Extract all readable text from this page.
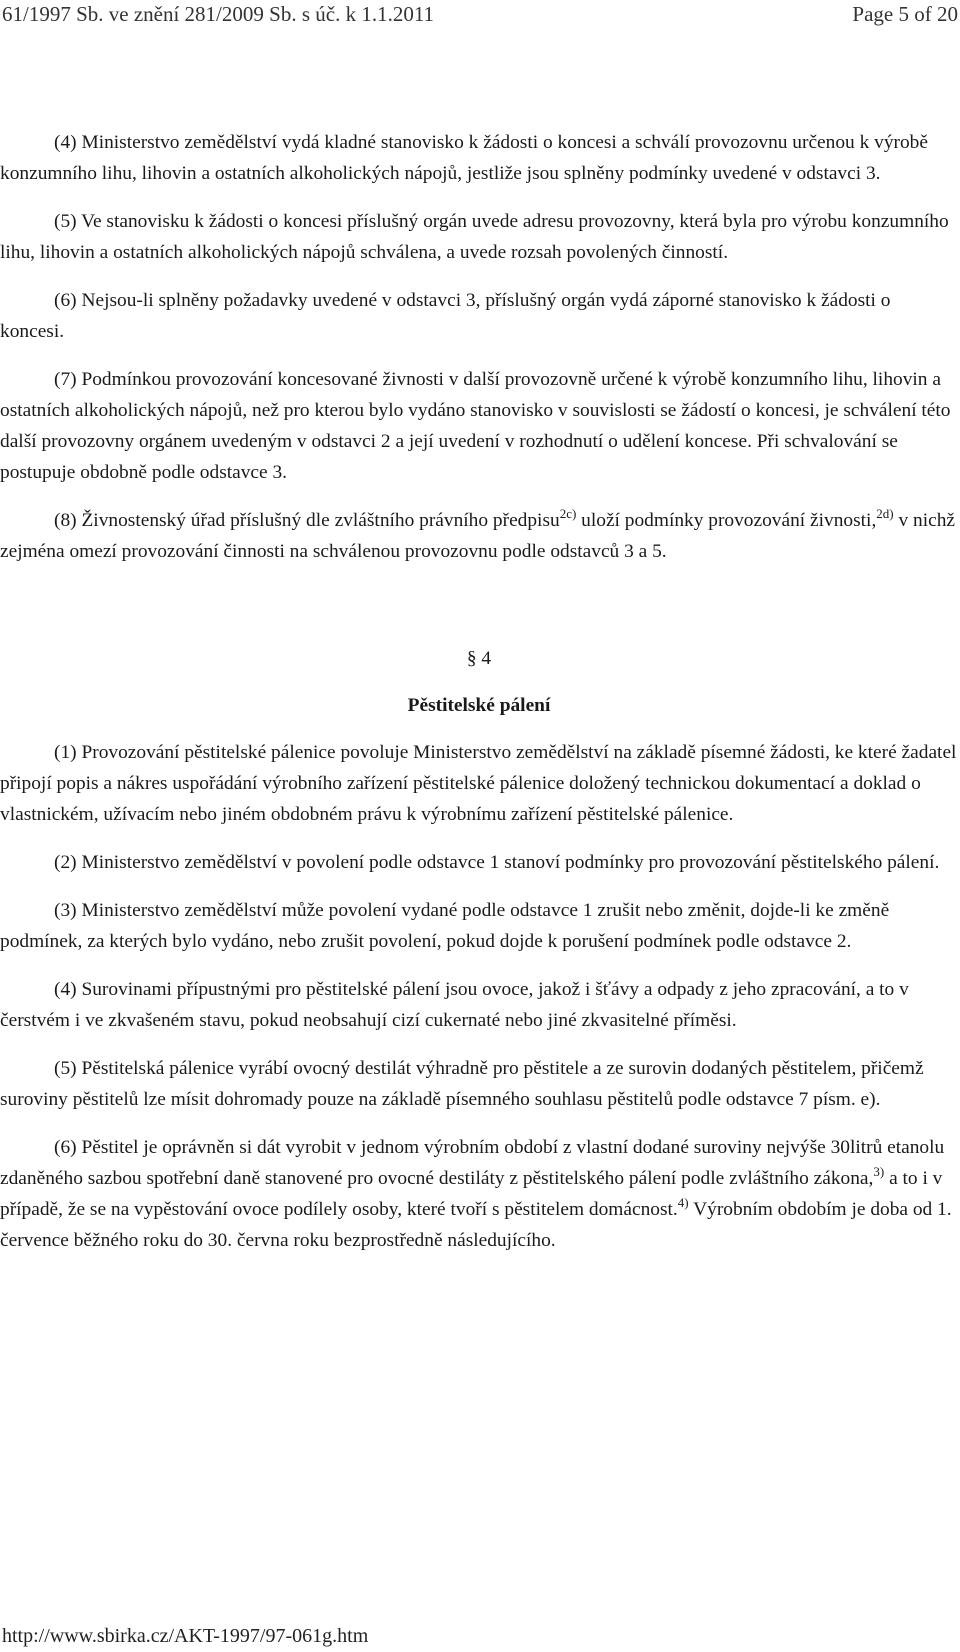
61/1997 Sb. ve znění 281/2009 Sb. s úč. k 1.1.2011	Page 5 of 20

(4) Ministerstvo zemědělství vydá kladné stanovisko k žádosti o koncesi a schválí provozovnu určenou k výrobě konzumního lihu, lihovin a ostatních alkoholických nápojů, jestliže jsou splněny podmínky uvedené v odstavci 3.

(5) Ve stanovisku k žádosti o koncesi příslušný orgán uvede adresu provozovny, která byla pro výrobu konzumního lihu, lihovin a ostatních alkoholických nápojů schválena, a uvede rozsah povolených činností.

(6) Nejsou-li splněny požadavky uvedené v odstavci 3, příslušný orgán vydá záporné stanovisko k žádosti o koncesi.

(7) Podmínkou provozování koncesované živnosti v další provozovně určené k výrobě konzumního lihu, lihovin a ostatních alkoholických nápojů, než pro kterou bylo vydáno stanovisko v souvislosti se žádostí o koncesi, je schválení této další provozovny orgánem uvedeným v odstavci 2 a její uvedení v rozhodnutí o udělení koncese. Při schvalování se postupuje obdobně podle odstavce 3.

(8) Živnostenský úřad příslušný dle zvláštního právního předpisu$^{2c)}$ uloží podmínky provozování živnosti,$^{2d)}$ v nichž zejména omezí provozování činnosti na schválenou provozovnu podle odstavců 3 a 5.

§ 4
Pěstitelské pálení

(1) Provozování pěstitelské pálenice povoluje Ministerstvo zemědělství na základě písemné žádosti, ke které žadatel připojí popis a nákres uspořádání výrobního zařízení pěstitelské pálenice doložený technickou dokumentací a doklad o vlastnickém, užívacím nebo jiném obdobném právu k výrobnímu zařízení pěstitelské pálenice.

(2) Ministerstvo zemědělství v povolení podle odstavce 1 stanoví podmínky pro provozování pěstitelského pálení.

(3) Ministerstvo zemědělství může povolení vydané podle odstavce 1 zrušit nebo změnit, dojde-li ke změně podmínek, za kterých bylo vydáno, nebo zrušit povolení, pokud dojde k porušení podmínek podle odstavce 2.

(4) Surovinami přípustnými pro pěstitelské pálení jsou ovoce, jakož i šťávy a odpady z jeho zpracování, a to v čerstvém i ve zkvašeném stavu, pokud neobsahují cizí cukernaté nebo jiné zkvasitelné příměsi.

(5) Pěstitelská pálenice vyrábí ovocný destilát výhradně pro pěstitele a ze surovin dodaných pěstitelem, přičemž suroviny pěstitelů lze mísit dohromady pouze na základě písemného souhlasu pěstitelů podle odstavce 7 písm. e).

(6) Pěstitel je oprávněn si dát vyrobit v jednom výrobním období z vlastní dodané suroviny nejvýše 30litrů etanolu zdaněného sazbou spotřební daně stanovené pro ovocné destiláty z pěstitelského pálení podle zvláštního zákona,$^{3)}$ a to i v případě, že se na vypěstování ovoce podílely osoby, které tvoří s pěstitelem domácnost.$^{4)}$ Výrobním obdobím je doba od 1. července běžného roku do 30. června roku bezprostředně následujícího.

http://www.sbirka.cz/AKT-1997/97-061g.htm
